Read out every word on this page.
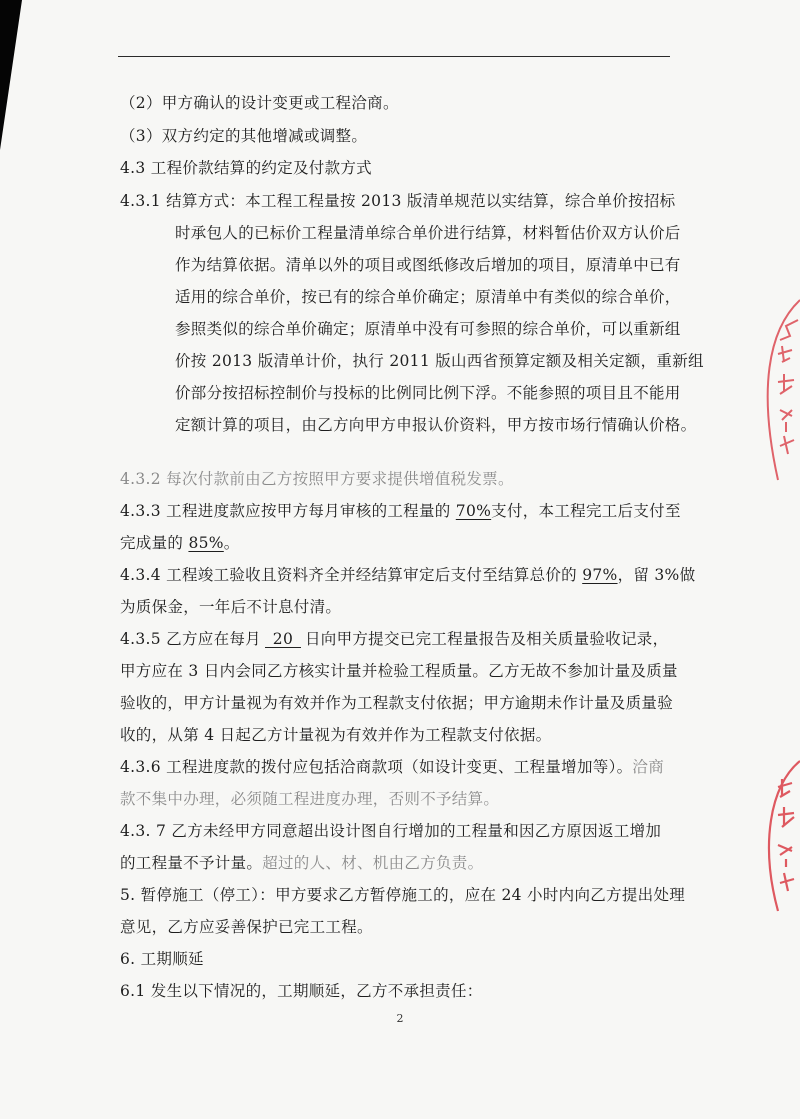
（2）甲方确认的设计变更或工程洽商。
（3）双方约定的其他增减或调整。
4.3 工程价款结算的约定及付款方式
4.3.1 结算方式：本工程工程量按 2013 版清单规范以实结算，综合单价按招标
时承包人的已标价工程量清单综合单价进行结算，材料暂估价双方认价后
作为结算依据。清单以外的项目或图纸修改后增加的项目，原清单中已有
适用的综合单价，按已有的综合单价确定；原清单中有类似的综合单价，
参照类似的综合单价确定；原清单中没有可参照的综合单价，可以重新组
价按 2013 版清单计价，执行 2011 版山西省预算定额及相关定额，重新组
价部分按招标控制价与投标的比例同比例下浮。不能参照的项目且不能用
定额计算的项目，由乙方向甲方申报认价资料，甲方按市场行情确认价格。
4.3.2 每次付款前由乙方按照甲方要求提供增值税发票。
4.3.3 工程进度款应按甲方每月审核的工程量的 70%支付，本工程完工后支付至
完成量的 85%。
4.3.4 工程竣工验收且资料齐全并经结算审定后支付至结算总价的 97%，留 3%做
为质保金，一年后不计息付清。
4.3.5 乙方应在每月 20 日向甲方提交已完工程量报告及相关质量验收记录，
甲方应在 3 日内会同乙方核实计量并检验工程质量。乙方无故不参加计量及质量
验收的，甲方计量视为有效并作为工程款支付依据；甲方逾期未作计量及质量验
收的，从第 4 日起乙方计量视为有效并作为工程款支付依据。
4.3.6 工程进度款的拨付应包括洽商款项（如设计变更、工程量增加等）。洽商
款不集中办理，必须随工程进度办理，否则不予结算。
4.3. 7 乙方未经甲方同意超出设计图自行增加的工程量和因乙方原因返工增加
的工程量不予计量。超过的人、材、机由乙方负责。
5. 暂停施工（停工）：甲方要求乙方暂停施工的，应在 24 小时内向乙方提出处理
意见，乙方应妥善保护已完工工程。
6. 工期顺延
6.1 发生以下情况的，工期顺延，乙方不承担责任：
2
